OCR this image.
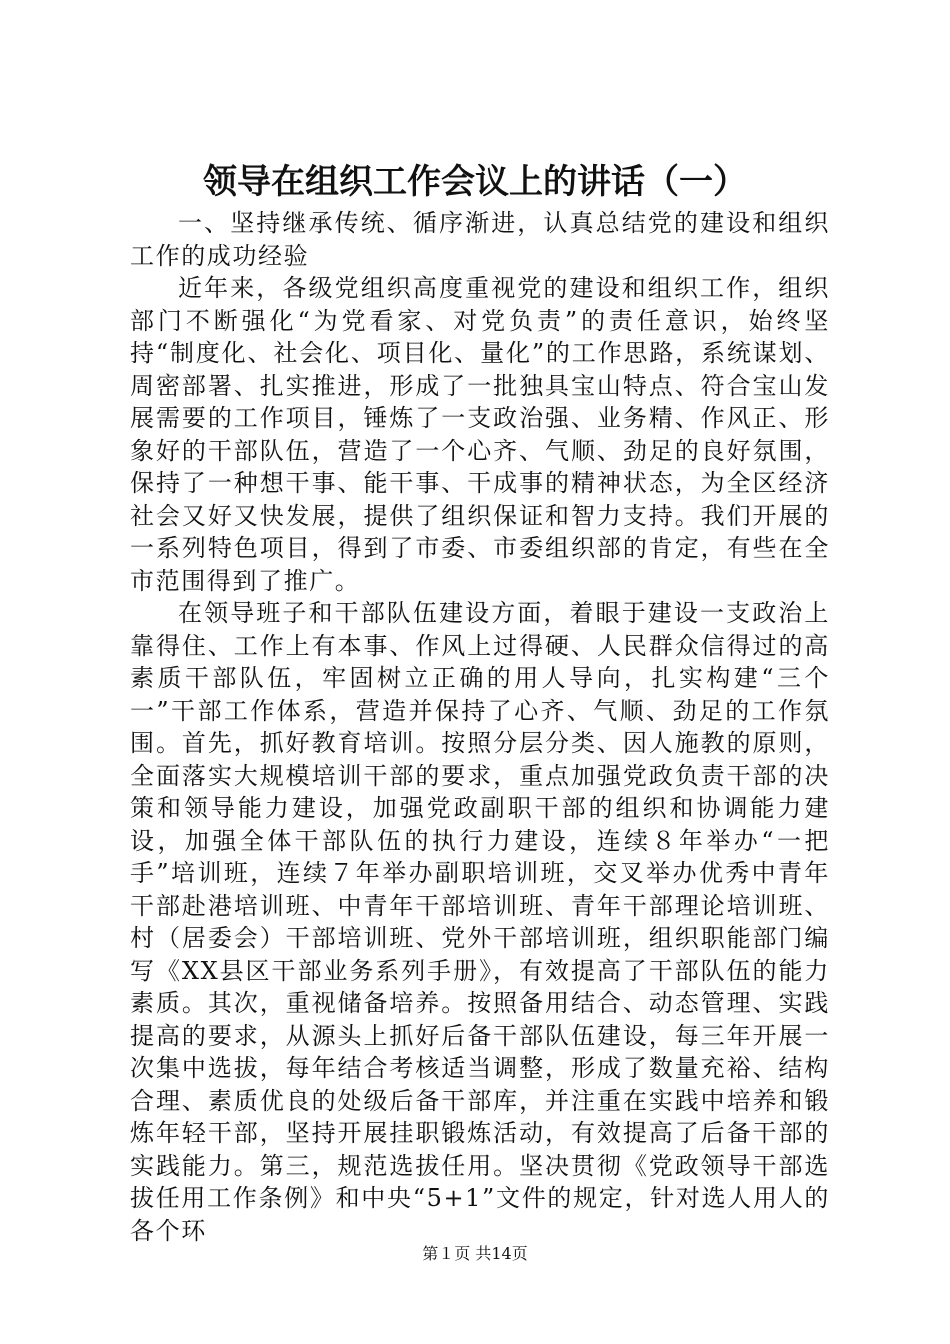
领导在组织工作会议上的讲话（一）

一、坚持继承传统、循序渐进，认真总结党的建设和组织工作的成功经验

近年来，各级党组织高度重视党的建设和组织工作，组织部门不断强化“为党看家、对党负责”的责任意识，始终坚持“制度化、社会化、项目化、量化”的工作思路，系统谋划、周密部署、扎实推进，形成了一批独具宝山特点、符合宝山发展需要的工作项目，锤炼了一支政治强、业务精、作风正、形象好的干部队伍，营造了一个心齐、气顺、劲足的良好氛围，保持了一种想干事、能干事、干成事的精神状态，为全区经济社会又好又快发展，提供了组织保证和智力支持。我们开展的一系列特色项目，得到了市委、市委组织部的肯定，有些在全市范围得到了推广。

在领导班子和干部队伍建设方面，着眼于建设一支政治上靠得住、工作上有本事、作风上过得硬、人民群众信得过的高素质干部队伍，牢固树立正确的用人导向，扎实构建“三个一”干部工作体系，营造并保持了心齐、气顺、劲足的工作氛围。首先，抓好教育培训。按照分层分类、因人施教的原则，全面落实大规模培训干部的要求，重点加强党政负责干部的决策和领导能力建设，加强党政副职干部的组织和协调能力建设，加强全体干部队伍的执行力建设，连续８年举办“一把手”培训班，连续７年举办副职培训班，交叉举办优秀中青年干部赴港培训班、中青年干部培训班、青年干部理论培训班、村（居委会）干部培训班、党外干部培训班，组织职能部门编写《XX县区干部业务系列手册》，有效提高了干部队伍的能力素质。其次，重视储备培养。按照备用结合、动态管理、实践提高的要求，从源头上抓好后备干部队伍建设，每三年开展一次集中选拔，每年结合考核适当调整，形成了数量充裕、结构合理、素质优良的处级后备干部库，并注重在实践中培养和锻炼年轻干部，坚持开展挂职锻炼活动，有效提高了后备干部的实践能力。第三，规范选拔任用。坚决贯彻《党政领导干部选拔任用工作条例》和中央“5+1”文件的规定，针对选人用人的各个环

第１页 共14页
